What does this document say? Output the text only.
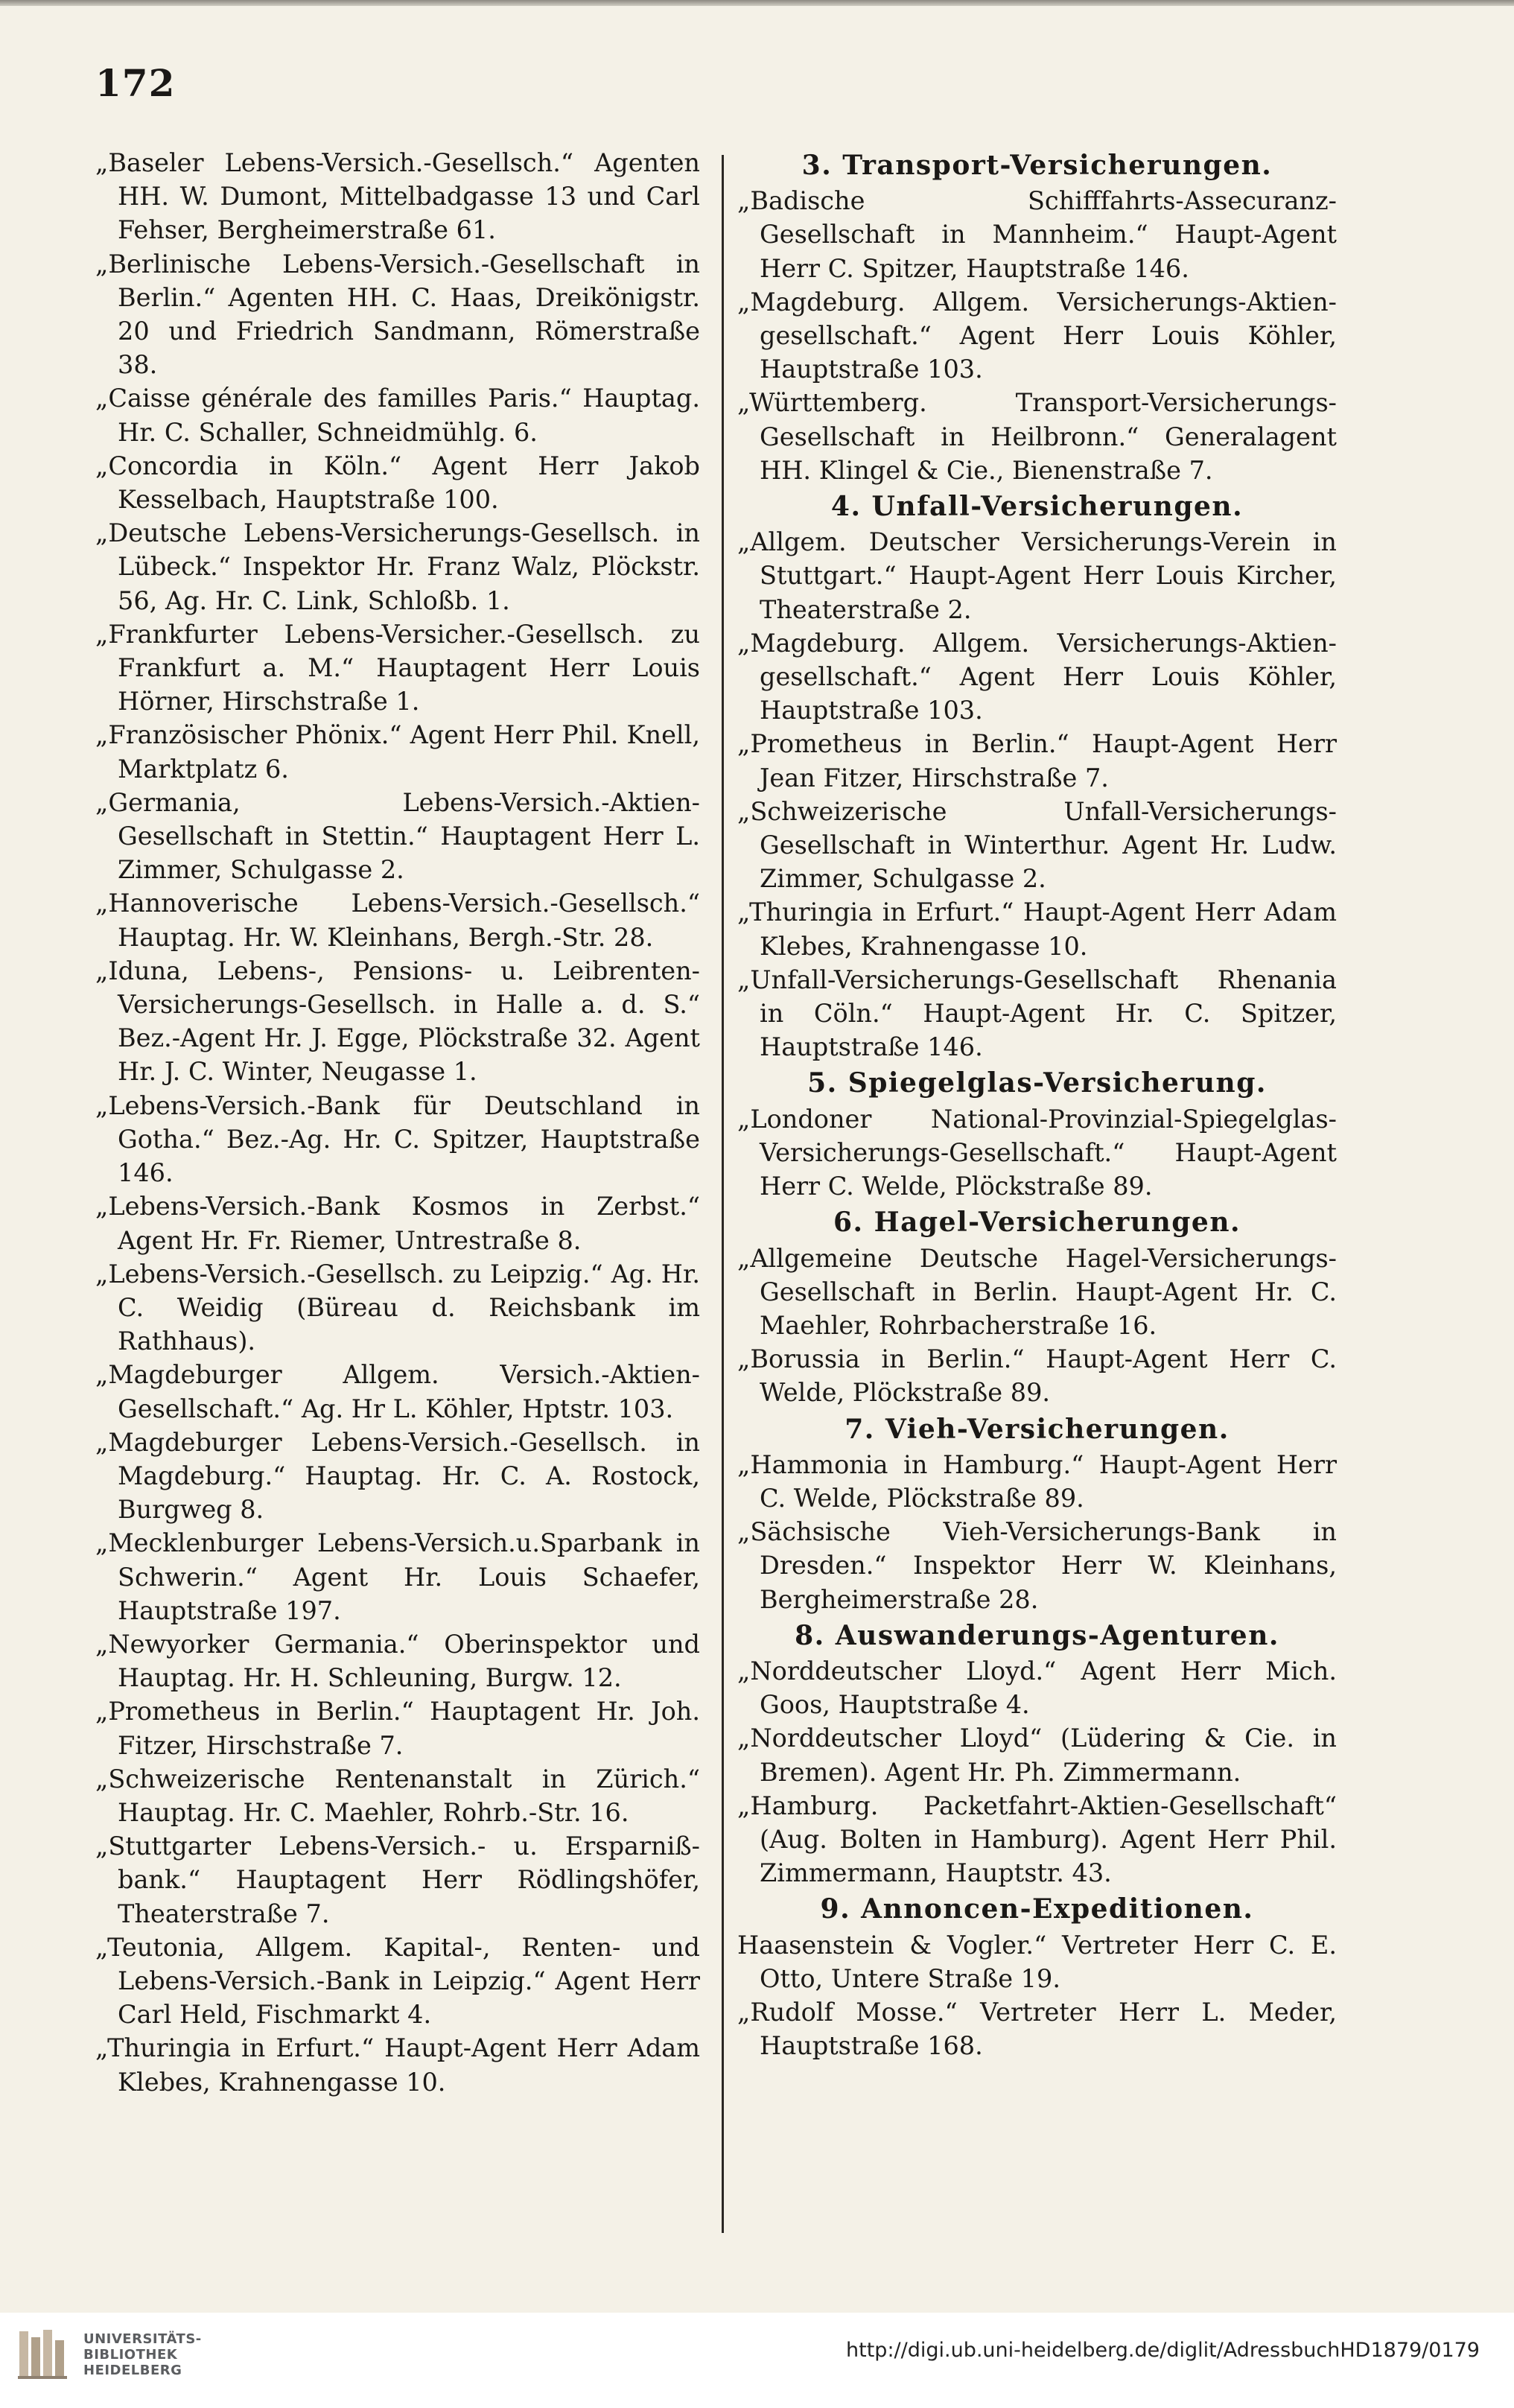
172
„Baseler Lebens-Versich.-Gesellsch.“ Agenten HH. W. Dumont, Mittelbadgasse 13 und Carl Fehser, Bergheimerstraße 61.
„Berlinische Lebens-Versich.-Gesellschaft in Berlin.“ Agenten HH. C. Haas, Dreikönigstr. 20 und Friedrich Sandmann, Römerstraße 38.
„Caisse générale des familles Paris.“ Hauptag. Hr. C. Schaller, Schneidmühlg. 6.
„Concordia in Köln.“ Agent Herr Jakob Kesselbach, Hauptstraße 100.
„Deutsche Lebens-Versicherungs-Gesellsch. in Lübeck.“ Inspektor Hr. Franz Walz, Plöckstr. 56, Ag. Hr. C. Link, Schloßb. 1.
„Frankfurter Lebens-Versicher.-Gesellsch. zu Frankfurt a. M.“ Hauptagent Herr Louis Hörner, Hirschstraße 1.
„Französischer Phönix.“ Agent Herr Phil. Knell, Marktplatz 6.
„Germania, Lebens-Versich.-Aktien-Gesellschaft in Stettin.“ Hauptagent Herr L. Zimmer, Schulgasse 2.
„Hannoverische Lebens-Versich.-Gesellsch.“ Hauptag. Hr. W. Kleinhans, Bergh.-Str. 28.
„Iduna, Lebens-, Pensions- u. Leibrenten-Versicherungs-Gesellsch. in Halle a. d. S.“ Bez.-Agent Hr. J. Egge, Plöckstraße 32. Agent Hr. J. C. Winter, Neugasse 1.
„Lebens-Versich.-Bank für Deutschland in Gotha.“ Bez.-Ag. Hr. C. Spitzer, Hauptstraße 146.
„Lebens-Versich.-Bank Kosmos in Zerbst.“ Agent Hr. Fr. Riemer, Untrestraße 8.
„Lebens-Versich.-Gesellsch. zu Leipzig.“ Ag. Hr. C. Weidig (Büreau d. Reichsbank im Rathhaus).
„Magdeburger Allgem. Versich.-Aktien-Gesellschaft.“ Ag. Hr L. Köhler, Hptstr. 103.
„Magdeburger Lebens-Versich.-Gesellsch. in Magdeburg.“ Hauptag. Hr. C. A. Rostock, Burgweg 8.
„Mecklenburger Lebens-Versich.u.Sparbank in Schwerin.“ Agent Hr. Louis Schaefer, Hauptstraße 197.
„Newyorker Germania.“ Oberinspektor und Hauptag. Hr. H. Schleuning, Burgw. 12.
„Prometheus in Berlin.“ Hauptagent Hr. Joh. Fitzer, Hirschstraße 7.
„Schweizerische Rentenanstalt in Zürich.“ Hauptag. Hr. C. Maehler, Rohrb.-Str. 16.
„Stuttgarter Lebens-Versich.- u. Ersparniß-bank.“ Hauptagent Herr Rödlingshöfer, Theaterstraße 7.
„Teutonia, Allgem. Kapital-, Renten- und Lebens-Versich.-Bank in Leipzig.“ Agent Herr Carl Held, Fischmarkt 4.
„Thuringia in Erfurt.“ Haupt-Agent Herr Adam Klebes, Krahnengasse 10.
3. Transport-Versicherungen.
„Badische Schifffahrts-Assecuranz-Gesellschaft in Mannheim.“ Haupt-Agent Herr C. Spitzer, Hauptstraße 146.
„Magdeburg. Allgem. Versicherungs-Aktien-gesellschaft.“ Agent Herr Louis Köhler, Hauptstraße 103.
„Württemberg. Transport-Versicherungs-Gesellschaft in Heilbronn.“ Generalagent HH. Klingel & Cie., Bienenstraße 7.
4. Unfall-Versicherungen.
„Allgem. Deutscher Versicherungs-Verein in Stuttgart.“ Haupt-Agent Herr Louis Kircher, Theaterstraße 2.
„Magdeburg. Allgem. Versicherungs-Aktien-gesellschaft.“ Agent Herr Louis Köhler, Hauptstraße 103.
„Prometheus in Berlin.“ Haupt-Agent Herr Jean Fitzer, Hirschstraße 7.
„Schweizerische Unfall-Versicherungs-Gesellschaft in Winterthur. Agent Hr. Ludw. Zimmer, Schulgasse 2.
„Thuringia in Erfurt.“ Haupt-Agent Herr Adam Klebes, Krahnengasse 10.
„Unfall-Versicherungs-Gesellschaft Rhenania in Cöln.“ Haupt-Agent Hr. C. Spitzer, Hauptstraße 146.
5. Spiegelglas-Versicherung.
„Londoner National-Provinzial-Spiegelglas-Versicherungs-Gesellschaft.“ Haupt-Agent Herr C. Welde, Plöckstraße 89.
6. Hagel-Versicherungen.
„Allgemeine Deutsche Hagel-Versicherungs-Gesellschaft in Berlin. Haupt-Agent Hr. C. Maehler, Rohrbacherstraße 16.
„Borussia in Berlin.“ Haupt-Agent Herr C. Welde, Plöckstraße 89.
7. Vieh-Versicherungen.
„Hammonia in Hamburg.“ Haupt-Agent Herr C. Welde, Plöckstraße 89.
„Sächsische Vieh-Versicherungs-Bank in Dresden.“ Inspektor Herr W. Kleinhans, Bergheimerstraße 28.
8. Auswanderungs-Agenturen.
„Norddeutscher Lloyd.“ Agent Herr Mich. Goos, Hauptstraße 4.
„Norddeutscher Lloyd“ (Lüdering & Cie. in Bremen). Agent Hr. Ph. Zimmermann.
„Hamburg. Packetfahrt-Aktien-Gesellschaft“ (Aug. Bolten in Hamburg). Agent Herr Phil. Zimmermann, Hauptstr. 43.
9. Annoncen-Expeditionen.
Haasenstein & Vogler.“ Vertreter Herr C. E. Otto, Untere Straße 19.
„Rudolf Mosse.“ Vertreter Herr L. Meder, Hauptstraße 168.
UNIVERSITÄTS-
BIBLIOTHEK
HEIDELBERG
http://digi.ub.uni-heidelberg.de/diglit/AdressbuchHD1879/0179
